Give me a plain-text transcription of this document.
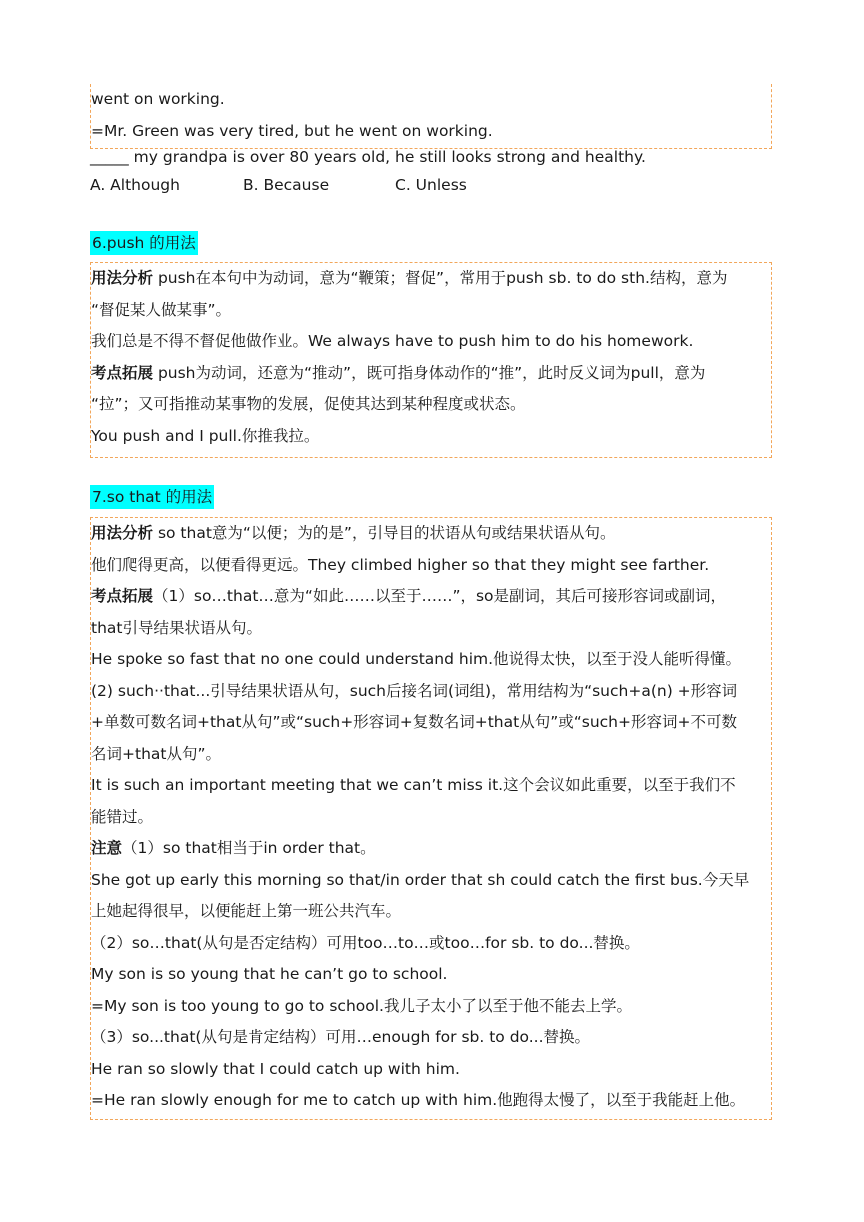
went on working.
=Mr. Green was very tired, but he went on working.
_____ my grandpa is over 80 years old, he still looks strong and healthy.
A. Although	B. Because	C. Unless
6.push 的用法
用法分析 push在本句中为动词，意为“鞭策；督促”，常用于push sb. to do sth.结构，意为
“督促某人做某事”。
我们总是不得不督促他做作业。We always have to push him to do his homework.
考点拓展 push为动词，还意为“推动”，既可指身体动作的“推”，此时反义词为pull，意为
“拉”；又可指推动某事物的发展，促使其达到某种程度或状态。
You push and I pull.你推我拉。
7.so that 的用法
用法分析 so that意为“以便；为的是”，引导目的状语从句或结果状语从句。
他们爬得更高，以便看得更远。They climbed higher so that they might see farther.
考点拓展（1）so…that…意为“如此……以至于……”，so是副词，其后可接形容词或副词，
that引导结果状语从句。
He spoke so fast that no one could understand him.他说得太快，以至于没人能听得懂。
(2) such··that...引导结果状语从句，such后接名词(词组)，常用结构为“such+a(n) +形容词
+单数可数名词+that从句”或“such+形容词+复数名词+that从句”或“such+形容词+不可数
名词+that从句”。
It is such an important meeting that we can’t miss it.这个会议如此重要，以至于我们不
能错过。
注意（1）so that相当于in order that。
She got up early this morning so that/in order that sh could catch the first bus.今天早
上她起得很早，以便能赶上第一班公共汽车。
（2）so…that(从句是否定结构）可用too…to…或too…for sb. to do...替换。
My son is so young that he can’t go to school.
=My son is too young to go to school.我儿子太小了以至于他不能去上学。
（3）so...that(从句是肯定结构）可用…enough for sb. to do...替换。
He ran so slowly that I could catch up with him.
=He ran slowly enough for me to catch up with him.他跑得太慢了，以至于我能赶上他。
